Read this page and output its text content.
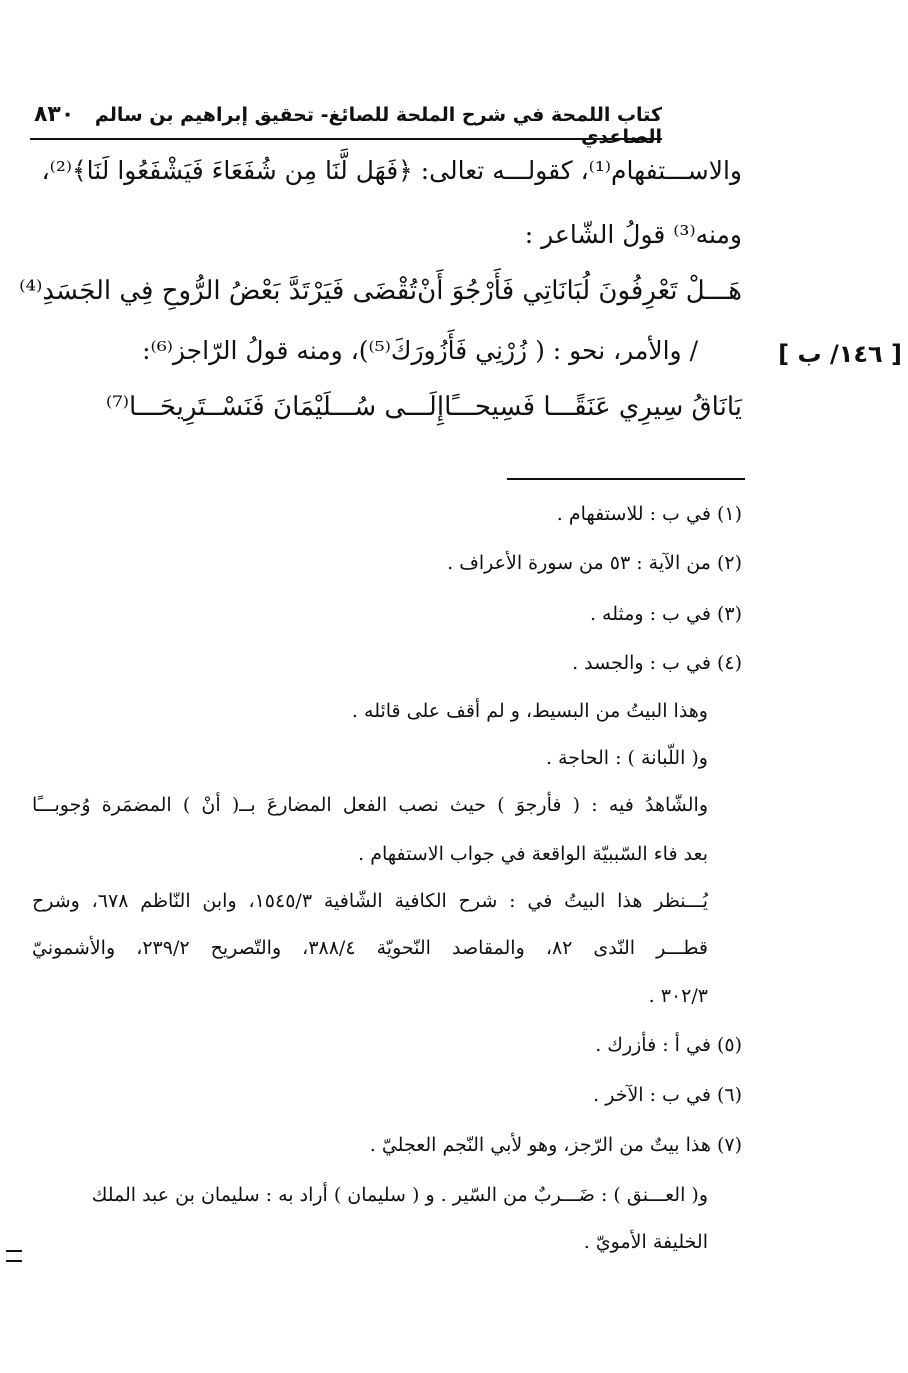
كتاب اللمحة في شرح الملحة للصائغ- تحقيق إبراهيم بن سالم الصاعدي
٨٣٠
والاســـتفهام⁽¹⁾، كقولـــه تعالى: ﴿فَهَل لَّنَا مِن شُفَعَاءَ فَيَشْفَعُوا لَنَا﴾⁽²⁾،
ومنه⁽³⁾ قولُ الشّاعر :
هَـــلْ تَعْرِفُونَ لُبَانَاتِي فَأَرْجُوَ أَنْ
تُقْضَى فَيَرْتَدَّ بَعْضُ الرُّوحِ فِي الجَسَدِ⁽⁴⁾
/ والأمر، نحو : ( زُرْنِي فَأَزُورَكَ⁽⁵⁾)، ومنه قولُ الرّاجز⁽⁶⁾:	[ ١٤٦/ ب ]
يَانَاقُ سِيرِي عَنَقًـــا فَسِيحـــًا
إِلَـــى سُـــلَيْمَانَ فَنَسْــتَرِيحَـــا⁽⁷⁾
(١) في ب : للاستفهام .
(٢) من الآية : ٥٣ من سورة الأعراف .
(٣) في ب : ومثله .
(٤) في ب : والجسد .
وهذا البيتُ من البسيط، و لم أقف على قائله .
و( اللّبانة ) : الحاجة .
والشّاهدُ فيه : ( فأرجوَ ) حيث نصب الفعل المضارعَ بــ( أنْ ) المضمَرة وُجوبـــًا
بعد فاء السّببيّة الواقعة في جواب الاستفهام .
يُـــنظر هذا البيتُ في : شرح الكافية الشّافية ١٥٤٥/٣، وابن النّاظم ٦٧٨، وشرح
قطـــر النّدى ٨٢، والمقاصد النّحويّة ٣٨٨/٤، والتّصريح ٢٣٩/٢، والأشمونيّ
٣٠٢/٣ .
(٥) في أ : فأزرك .
(٦) في ب : الآخر .
(٧) هذا بيتٌ من الرّجز، وهو لأبي النّجم العجليّ .
و( العـــنق ) : ضَـــربٌ من السّير . و ( سليمان ) أراد به : سليمان بن عبد الملك
الخليفة الأمويّ .
